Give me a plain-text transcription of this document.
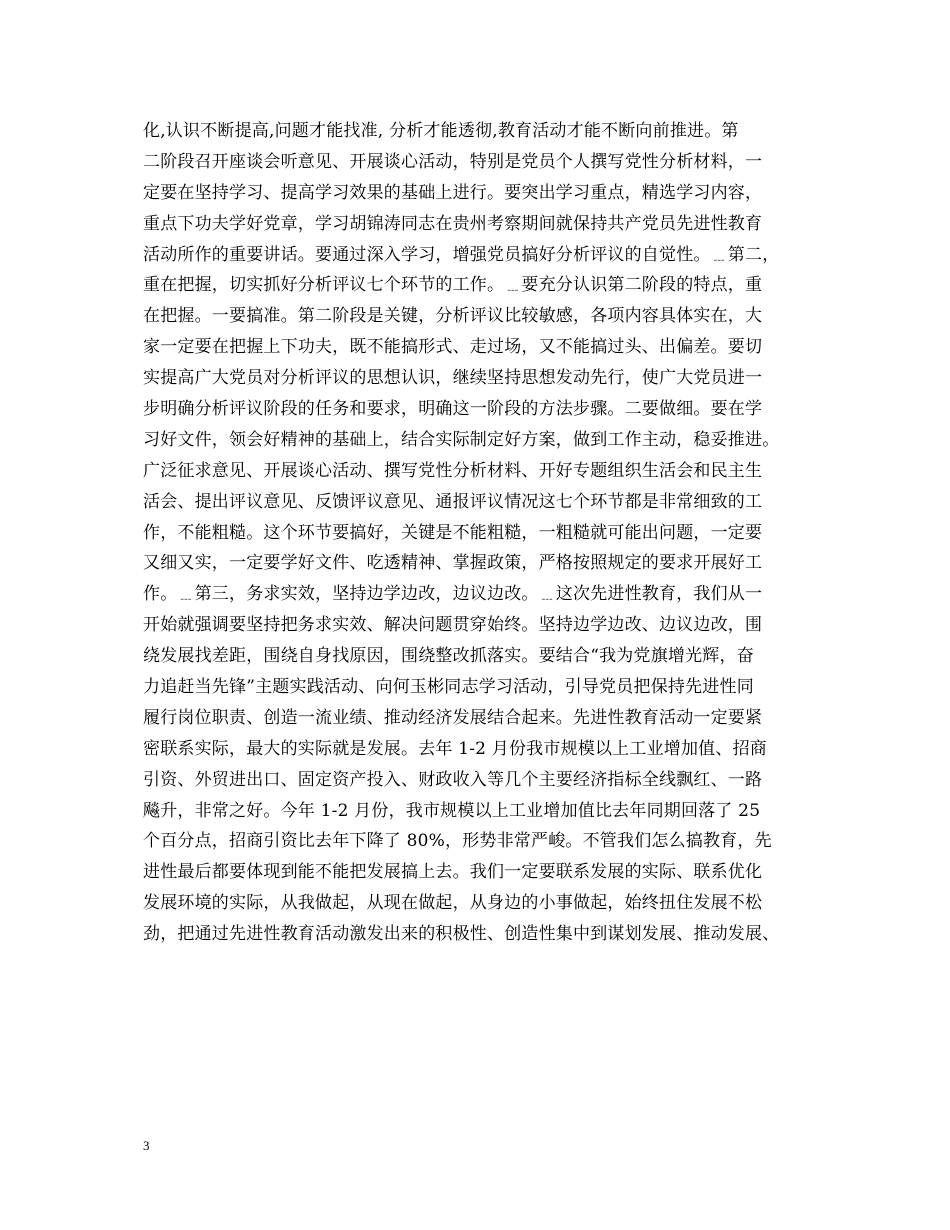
化,认识不断提高,问题才能找准, 分析才能透彻,教育活动才能不断向前推进。第
二阶段召开座谈会听意见、开展谈心活动，特别是党员个人撰写党性分析材料，一
定要在坚持学习、提高学习效果的基础上进行。要突出学习重点，精选学习内容，
重点下功夫学好党章，学习胡锦涛同志在贵州考察期间就保持共产党员先进性教育
活动所作的重要讲话。要通过深入学习，增强党员搞好分析评议的自觉性。﹍第二，
重在把握，切实抓好分析评议七个环节的工作。﹍要充分认识第二阶段的特点，重
在把握。一要搞准。第二阶段是关键，分析评议比较敏感，各项内容具体实在，大
家一定要在把握上下功夫，既不能搞形式、走过场，又不能搞过头、出偏差。要切
实提高广大党员对分析评议的思想认识，继续坚持思想发动先行，使广大党员进一
步明确分析评议阶段的任务和要求，明确这一阶段的方法步骤。二要做细。要在学
习好文件，领会好精神的基础上，结合实际制定好方案，做到工作主动，稳妥推进。
广泛征求意见、开展谈心活动、撰写党性分析材料、开好专题组织生活会和民主生
活会、提出评议意见、反馈评议意见、通报评议情况这七个环节都是非常细致的工
作，不能粗糙。这个环节要搞好，关键是不能粗糙，一粗糙就可能出问题，一定要
又细又实，一定要学好文件、吃透精神、掌握政策，严格按照规定的要求开展好工
作。﹍第三，务求实效，坚持边学边改，边议边改。﹍这次先进性教育，我们从一
开始就强调要坚持把务求实效、解决问题贯穿始终。坚持边学边改、边议边改，围
绕发展找差距，围绕自身找原因，围绕整改抓落实。要结合“我为党旗增光辉，奋
力追赶当先锋”主题实践活动、向何玉彬同志学习活动，引导党员把保持先进性同
履行岗位职责、创造一流业绩、推动经济发展结合起来。先进性教育活动一定要紧
密联系实际，最大的实际就是发展。去年 1-2 月份我市规模以上工业增加值、招商
引资、外贸进出口、固定资产投入、财政收入等几个主要经济指标全线飘红、一路
飚升，非常之好。今年 1-2 月份，我市规模以上工业增加值比去年同期回落了 25
个百分点，招商引资比去年下降了 80%，形势非常严峻。不管我们怎么搞教育，先
进性最后都要体现到能不能把发展搞上去。我们一定要联系发展的实际、联系优化
发展环境的实际，从我做起，从现在做起，从身边的小事做起，始终扭住发展不松
劲，把通过先进性教育活动激发出来的积极性、创造性集中到谋划发展、推动发展、
3
